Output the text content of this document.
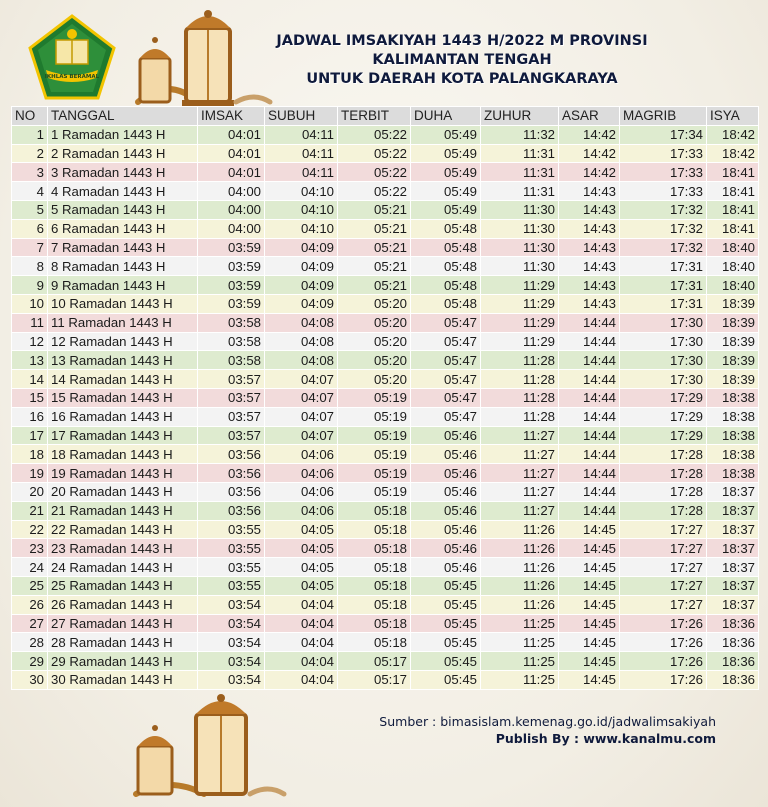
IKHLAS BERAMAL
JADWAL IMSAKIYAH 1443 H/2022 M PROVINSI
KALIMANTAN TENGAH
UNTUK DAERAH KOTA PALANGKARAYA
NO	TANGGAL	IMSAK	SUBUH	TERBIT	DUHA	ZUHUR	ASAR	MAGRIB	ISYA
1	1 Ramadan 1443 H	04:01	04:11	05:22	05:49	11:32	14:42	17:34	18:42
2	2 Ramadan 1443 H	04:01	04:11	05:22	05:49	11:31	14:42	17:33	18:42
3	3 Ramadan 1443 H	04:01	04:11	05:22	05:49	11:31	14:42	17:33	18:41
4	4 Ramadan 1443 H	04:00	04:10	05:22	05:49	11:31	14:43	17:33	18:41
5	5 Ramadan 1443 H	04:00	04:10	05:21	05:49	11:30	14:43	17:32	18:41
6	6 Ramadan 1443 H	04:00	04:10	05:21	05:48	11:30	14:43	17:32	18:41
7	7 Ramadan 1443 H	03:59	04:09	05:21	05:48	11:30	14:43	17:32	18:40
8	8 Ramadan 1443 H	03:59	04:09	05:21	05:48	11:30	14:43	17:31	18:40
9	9 Ramadan 1443 H	03:59	04:09	05:21	05:48	11:29	14:43	17:31	18:40
10	10 Ramadan 1443 H	03:59	04:09	05:20	05:48	11:29	14:43	17:31	18:39
11	11 Ramadan 1443 H	03:58	04:08	05:20	05:47	11:29	14:44	17:30	18:39
12	12 Ramadan 1443 H	03:58	04:08	05:20	05:47	11:29	14:44	17:30	18:39
13	13 Ramadan 1443 H	03:58	04:08	05:20	05:47	11:28	14:44	17:30	18:39
14	14 Ramadan 1443 H	03:57	04:07	05:20	05:47	11:28	14:44	17:30	18:39
15	15 Ramadan 1443 H	03:57	04:07	05:19	05:47	11:28	14:44	17:29	18:38
16	16 Ramadan 1443 H	03:57	04:07	05:19	05:47	11:28	14:44	17:29	18:38
17	17 Ramadan 1443 H	03:57	04:07	05:19	05:46	11:27	14:44	17:29	18:38
18	18 Ramadan 1443 H	03:56	04:06	05:19	05:46	11:27	14:44	17:28	18:38
19	19 Ramadan 1443 H	03:56	04:06	05:19	05:46	11:27	14:44	17:28	18:38
20	20 Ramadan 1443 H	03:56	04:06	05:19	05:46	11:27	14:44	17:28	18:37
21	21 Ramadan 1443 H	03:56	04:06	05:18	05:46	11:27	14:44	17:28	18:37
22	22 Ramadan 1443 H	03:55	04:05	05:18	05:46	11:26	14:45	17:27	18:37
23	23 Ramadan 1443 H	03:55	04:05	05:18	05:46	11:26	14:45	17:27	18:37
24	24 Ramadan 1443 H	03:55	04:05	05:18	05:46	11:26	14:45	17:27	18:37
25	25 Ramadan 1443 H	03:55	04:05	05:18	05:45	11:26	14:45	17:27	18:37
26	26 Ramadan 1443 H	03:54	04:04	05:18	05:45	11:26	14:45	17:27	18:37
27	27 Ramadan 1443 H	03:54	04:04	05:18	05:45	11:25	14:45	17:26	18:36
28	28 Ramadan 1443 H	03:54	04:04	05:18	05:45	11:25	14:45	17:26	18:36
29	29 Ramadan 1443 H	03:54	04:04	05:17	05:45	11:25	14:45	17:26	18:36
30	30 Ramadan 1443 H	03:54	04:04	05:17	05:45	11:25	14:45	17:26	18:36
Sumber : bimasislam.kemenag.go.id/jadwalimsakiyah
Publish By : www.kanalmu.com
